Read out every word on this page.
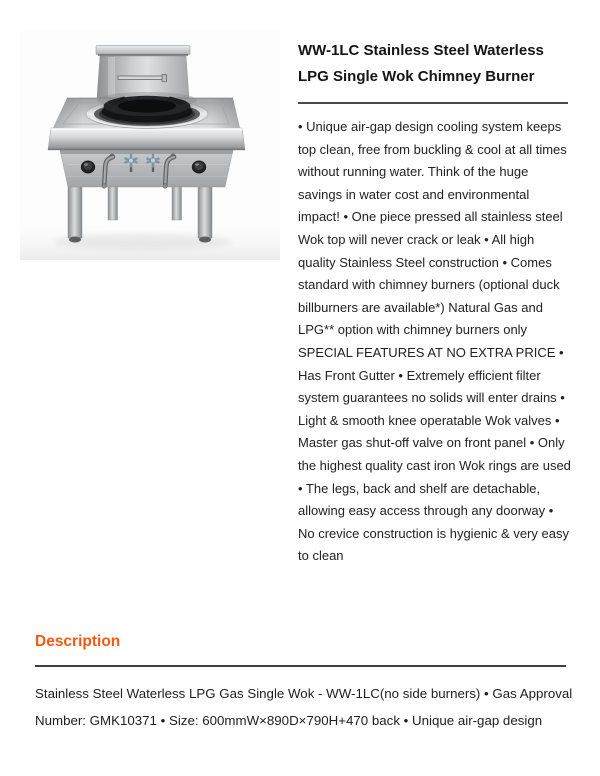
WW-1LC Stainless Steel Waterless LPG Single Wok Chimney Burner

• Unique air-gap design cooling system keeps top clean, free from buckling & cool at all times without running water. Think of the huge savings in water cost and environmental impact! • One piece pressed all stainless steel Wok top will never crack or leak • All high quality Stainless Steel construction • Comes standard with chimney burners (optional duck billburners are available*) Natural Gas and LPG** option with chimney burners only SPECIAL FEATURES AT NO EXTRA PRICE • Has Front Gutter • Extremely efficient filter system guarantees no solids will enter drains • Light & smooth knee operatable Wok valves • Master gas shut-off valve on front panel • Only the highest quality cast iron Wok rings are used • The legs, back and shelf are detachable, allowing easy access through any doorway • No crevice construction is hygienic & very easy to clean

Description

Stainless Steel Waterless LPG Gas Single Wok - WW-1LC(no side burners) • Gas Approval Number: GMK10371 • Size: 600mmW×890D×790H+470 back • Unique air-gap design
